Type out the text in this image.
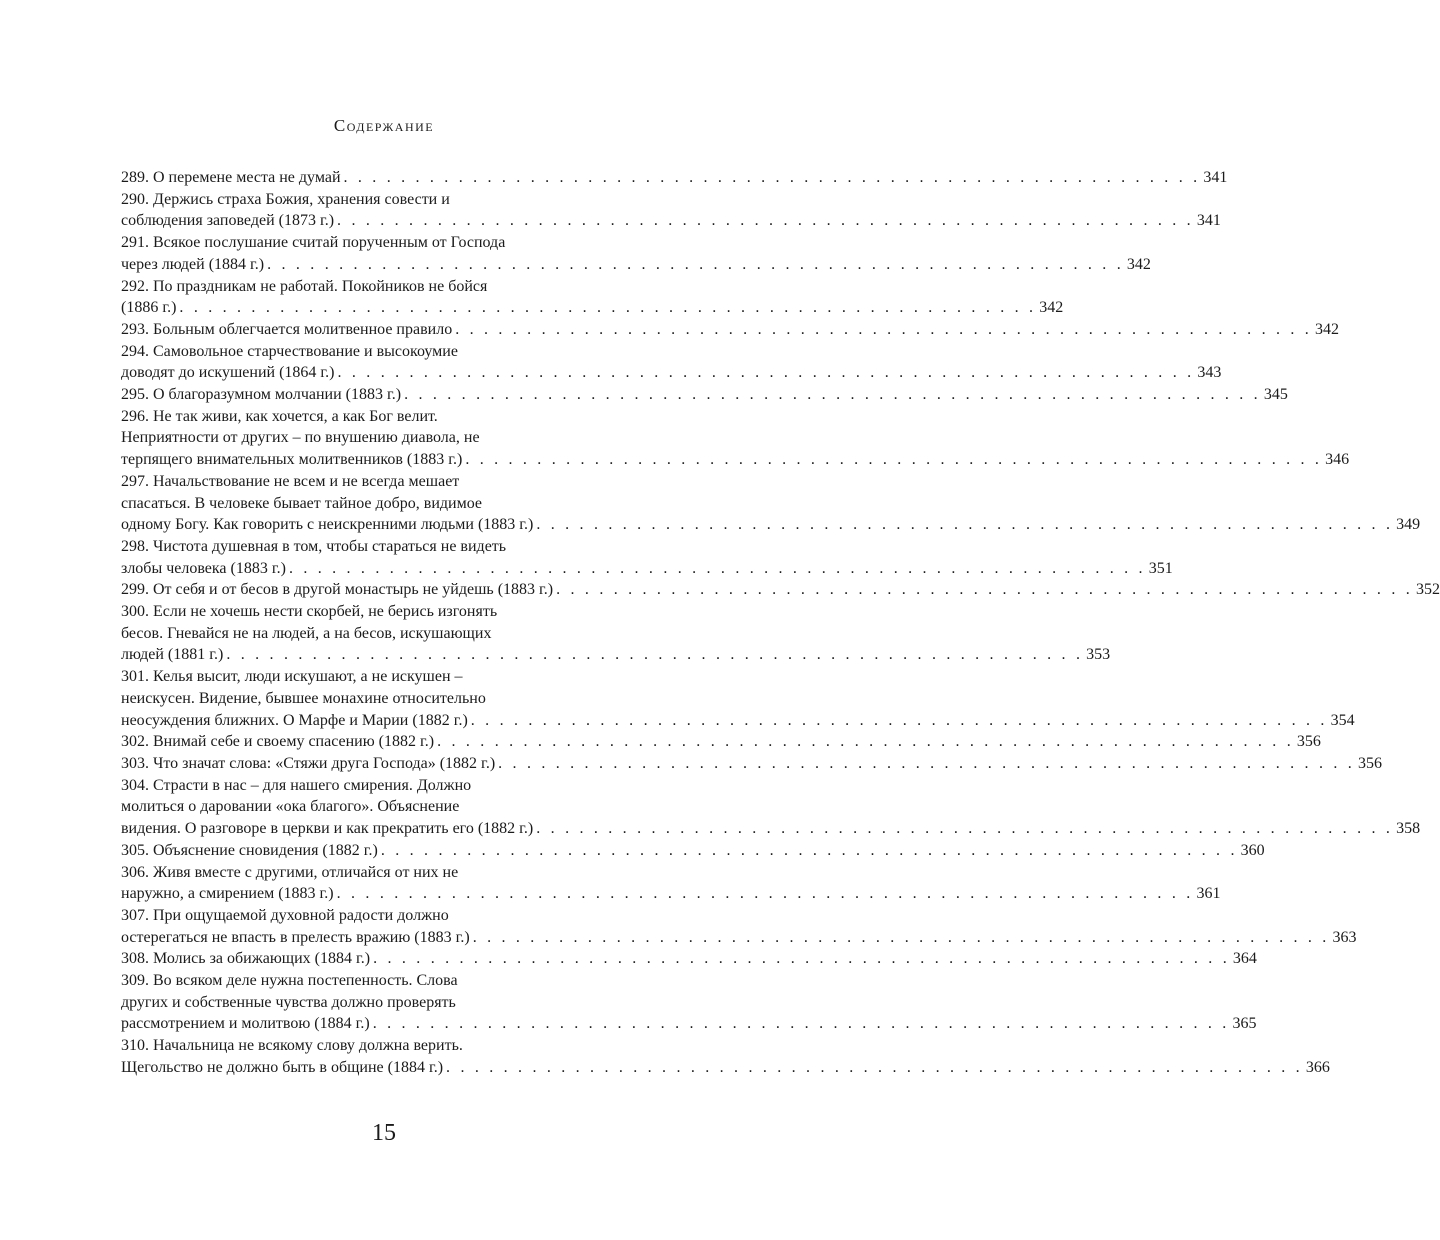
Содержание
289. О перемене места не думай . . . . . . . . . . . . . . . . . . . . . . . . . . . . . . . . . . . . . . . . . . . . . . . . . . . . . . . . . . . . 341
290. Держись страха Божия, хранения совести и
соблюдения заповедей (1873 г.) . . . . . . . . . . . . . . . . . . . . . . . . . . . . . . . . . . . . . . . . . . . . . . . . . . . . . . . . . . . . 341
291. Всякое послушание считай порученным от Господа
через людей (1884 г.) . . . . . . . . . . . . . . . . . . . . . . . . . . . . . . . . . . . . . . . . . . . . . . . . . . . . . . . . . . . . 342
292. По праздникам не работай. Покойников не бойся
(1886 г.) . . . . . . . . . . . . . . . . . . . . . . . . . . . . . . . . . . . . . . . . . . . . . . . . . . . . . . . . . . . . 342
293. Больным облегчается молитвенное правило . . . . . . . . . . . . . . . . . . . . . . . . . . . . . . . . . . . . . . . . . . . . . . . . . . . . . . . . . . . . 342
294. Самовольное старчествование и высокоумие
доводят до искушений (1864 г.) . . . . . . . . . . . . . . . . . . . . . . . . . . . . . . . . . . . . . . . . . . . . . . . . . . . . . . . . . . . . 343
295. О благоразумном молчании (1883 г.) . . . . . . . . . . . . . . . . . . . . . . . . . . . . . . . . . . . . . . . . . . . . . . . . . . . . . . . . . . . . 345
296. Не так живи, как хочется, а как Бог велит.
Неприятности от других – по внушению диавола, не
терпящего внимательных молитвенников (1883 г.) . . . . . . . . . . . . . . . . . . . . . . . . . . . . . . . . . . . . . . . . . . . . . . . . . . . . . . . . . . . . 346
297. Начальствование не всем и не всегда мешает
спасаться. В человеке бывает тайное добро, видимое
одному Богу. Как говорить с неискренними людьми (1883 г.) . . . . . . . . . . . . . . . . . . . . . . . . . . . . . . . . . . . . . . . . . . . . . . . . . . . . . . . . . . . . 349
298. Чистота душевная в том, чтобы стараться не видеть
злобы человека (1883 г.) . . . . . . . . . . . . . . . . . . . . . . . . . . . . . . . . . . . . . . . . . . . . . . . . . . . . . . . . . . . . 351
299. От себя и от бесов в другой монастырь не уйдешь (1883 г.) . . . . . . . . . . . . . . . . . . . . . . . . . . . . . . . . . . . . . . . . . . . . . . . . . . . . . . . . . . . . 352
300. Если не хочешь нести скорбей, не берись изгонять
бесов. Гневайся не на людей, а на бесов, искушающих
людей (1881 г.) . . . . . . . . . . . . . . . . . . . . . . . . . . . . . . . . . . . . . . . . . . . . . . . . . . . . . . . . . . . . 353
301. Келья высит, люди искушают, а не искушен –
неискусен. Видение, бывшее монахине относительно
неосуждения ближних. О Марфе и Марии (1882 г.) . . . . . . . . . . . . . . . . . . . . . . . . . . . . . . . . . . . . . . . . . . . . . . . . . . . . . . . . . . . . 354
302. Внимай себе и своему спасению (1882 г.) . . . . . . . . . . . . . . . . . . . . . . . . . . . . . . . . . . . . . . . . . . . . . . . . . . . . . . . . . . . . 356
303. Что значат слова: «Стяжи друга Господа» (1882 г.) . . . . . . . . . . . . . . . . . . . . . . . . . . . . . . . . . . . . . . . . . . . . . . . . . . . . . . . . . . . . 356
304. Страсти в нас – для нашего смирения. Должно
молиться о даровании «ока благого». Объяснение
видения. О разговоре в церкви и как прекратить его (1882 г.) . . . . . . . . . . . . . . . . . . . . . . . . . . . . . . . . . . . . . . . . . . . . . . . . . . . . . . . . . . . . 358
305. Объяснение сновидения (1882 г.) . . . . . . . . . . . . . . . . . . . . . . . . . . . . . . . . . . . . . . . . . . . . . . . . . . . . . . . . . . . . 360
306. Живя вместе с другими, отличайся от них не
наружно, а смирением (1883 г.) . . . . . . . . . . . . . . . . . . . . . . . . . . . . . . . . . . . . . . . . . . . . . . . . . . . . . . . . . . . . 361
307. При ощущаемой духовной радости должно
остерегаться не впасть в прелесть вражию (1883 г.) . . . . . . . . . . . . . . . . . . . . . . . . . . . . . . . . . . . . . . . . . . . . . . . . . . . . . . . . . . . . 363
308. Молись за обижающих (1884 г.) . . . . . . . . . . . . . . . . . . . . . . . . . . . . . . . . . . . . . . . . . . . . . . . . . . . . . . . . . . . . 364
309. Во всяком деле нужна постепенность. Слова
других и собственные чувства должно проверять
рассмотрением и молитвою (1884 г.) . . . . . . . . . . . . . . . . . . . . . . . . . . . . . . . . . . . . . . . . . . . . . . . . . . . . . . . . . . . . 365
310. Начальница не всякому слову должна верить.
Щегольство не должно быть в общине (1884 г.) . . . . . . . . . . . . . . . . . . . . . . . . . . . . . . . . . . . . . . . . . . . . . . . . . . . . . . . . . . . . 366
15
